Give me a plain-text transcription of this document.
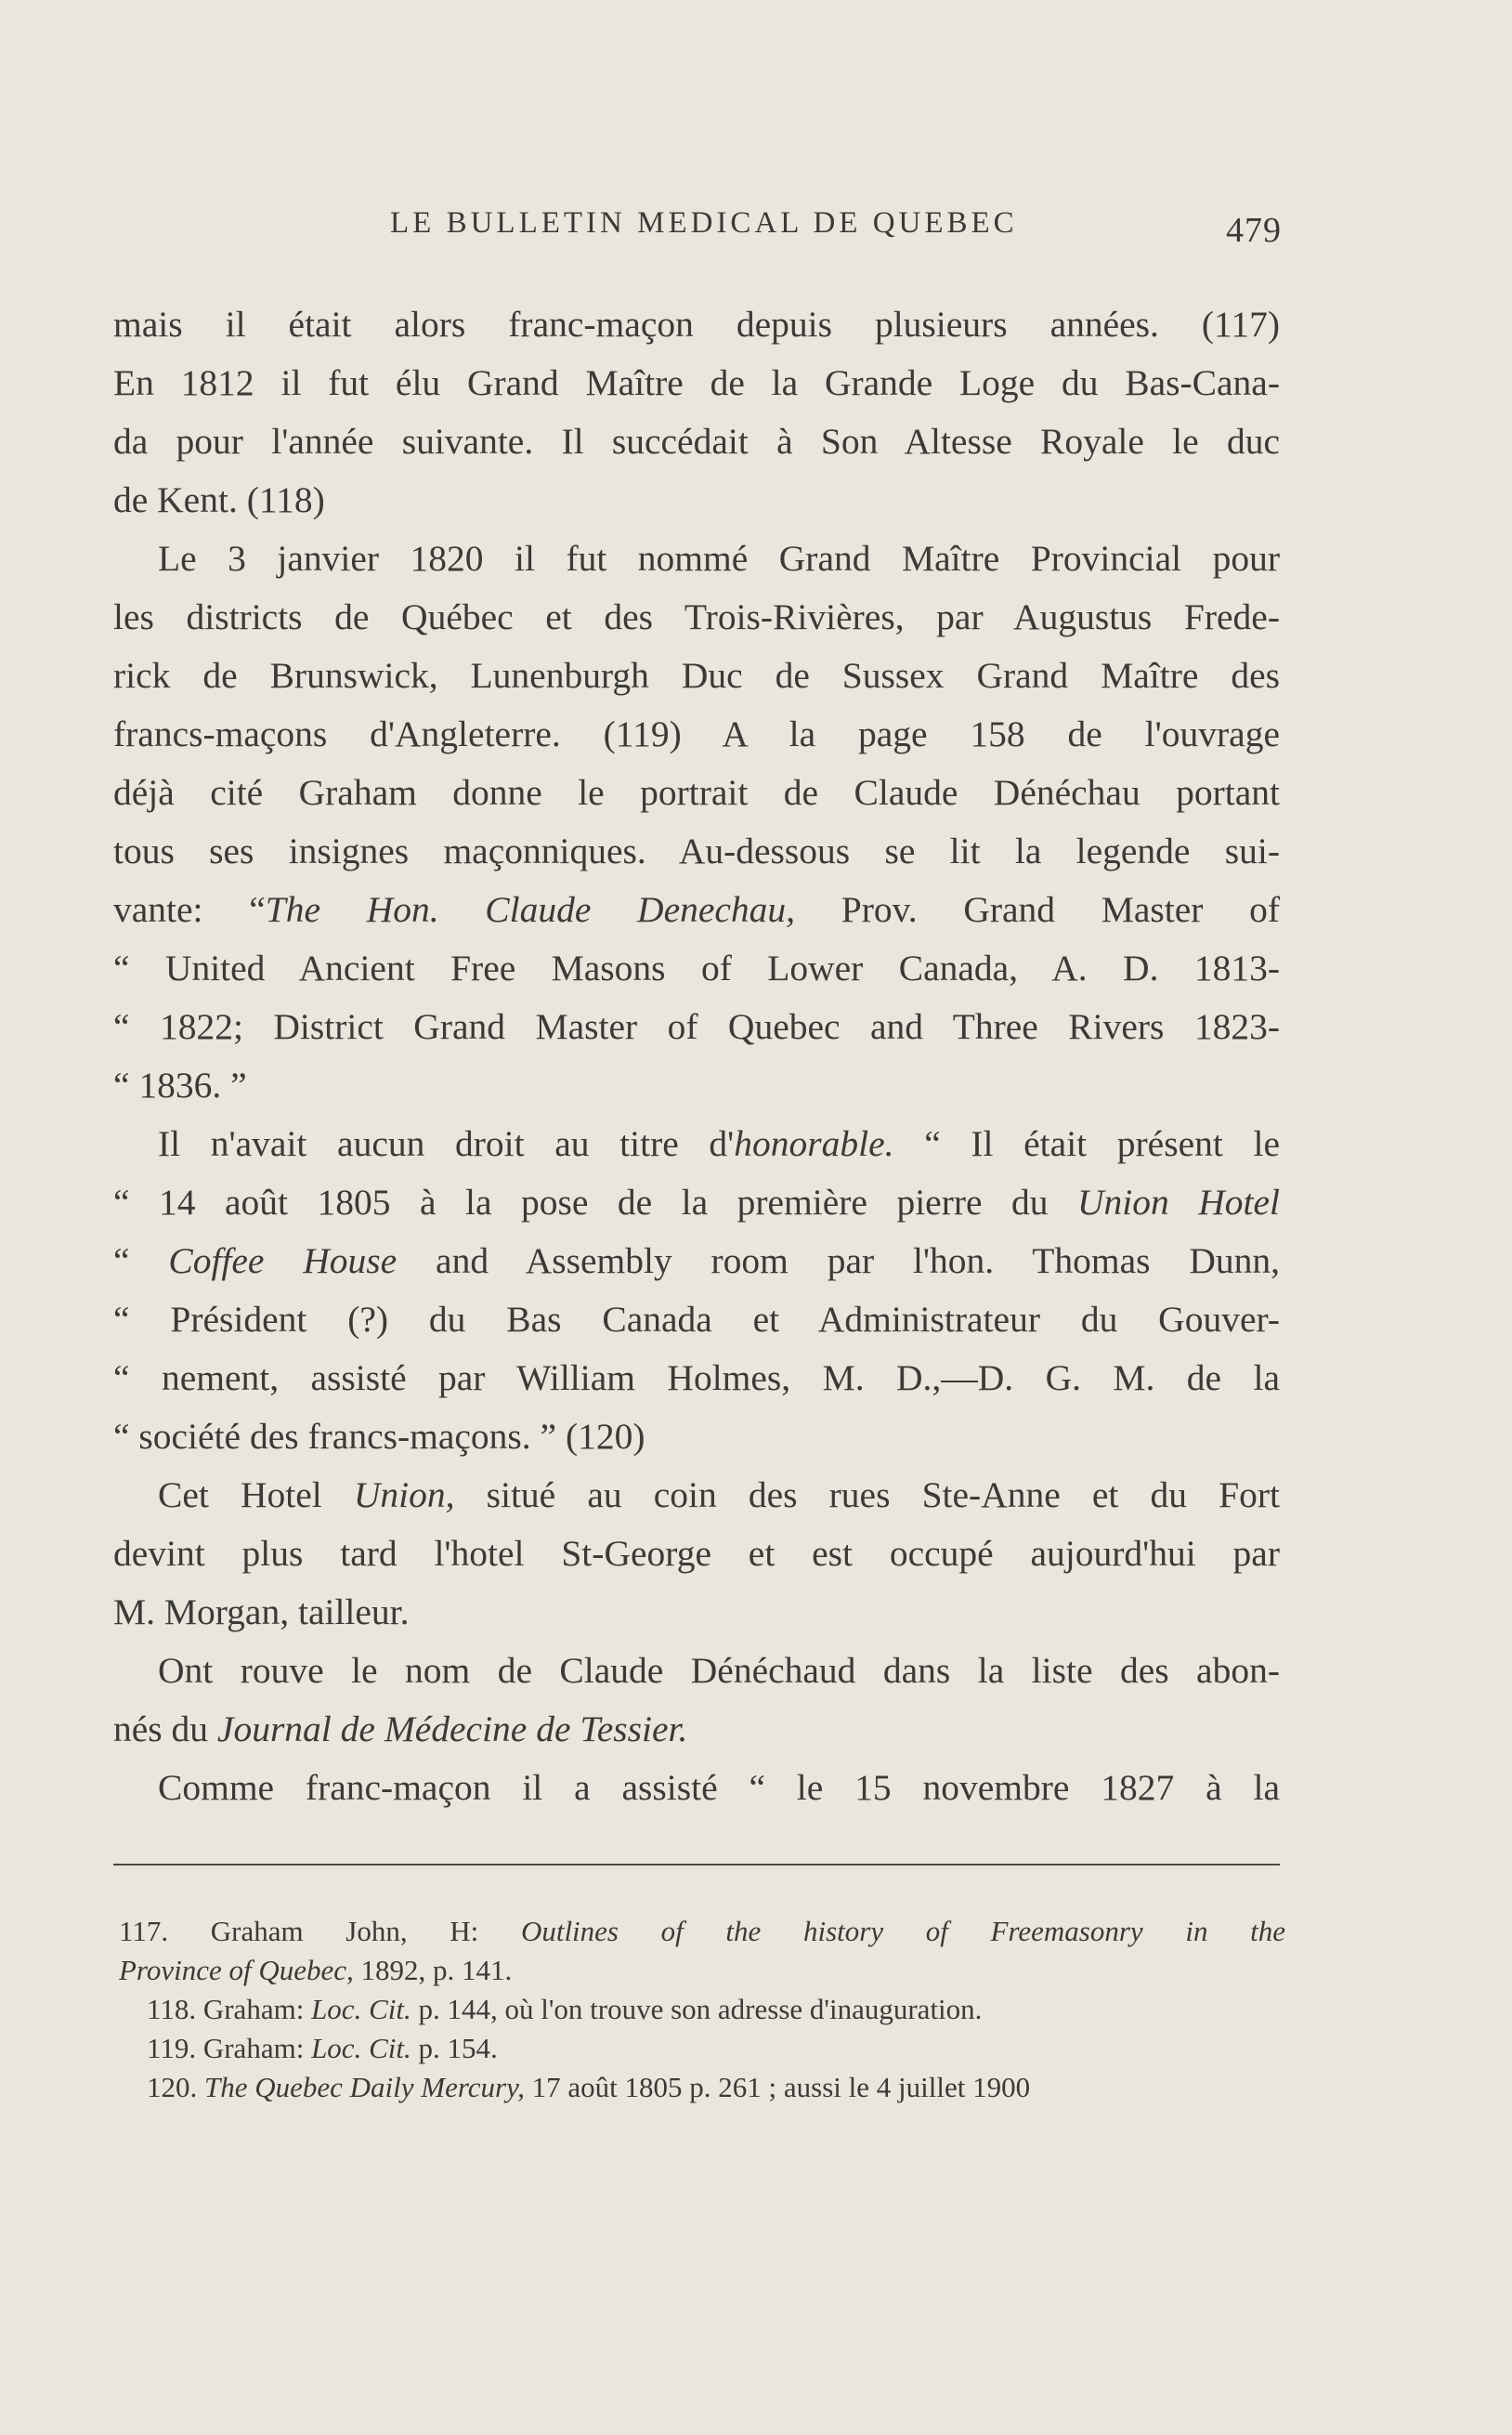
LE BULLETIN MEDICAL DE QUEBEC	479
mais il était alors franc-maçon depuis plusieurs années. (117)
En 1812 il fut élu Grand Maître de la Grande Loge du Bas-Cana-
da pour l'année suivante. Il succédait à Son Altesse Royale le duc
de Kent. (118)
Le 3 janvier 1820 il fut nommé Grand Maître Provincial pour
les districts de Québec et des Trois-Rivières, par Augustus Frede-
rick de Brunswick, Lunenburgh Duc de Sussex Grand Maître des
francs-maçons d'Angleterre. (119) A la page 158 de l'ouvrage
déjà cité Graham donne le portrait de Claude Dénéchau portant
tous ses insignes maçonniques. Au-dessous se lit la legende sui-
vante: “The Hon. Claude Denechau, Prov. Grand Master of
“ United Ancient Free Masons of Lower Canada, A. D. 1813-
“ 1822; District Grand Master of Quebec and Three Rivers 1823-
“ 1836. ”
Il n'avait aucun droit au titre d'honorable. “ Il était présent le
“ 14 août 1805 à la pose de la première pierre du Union Hotel
“ Coffee House and Assembly room par l'hon. Thomas Dunn,
“ Président (?) du Bas Canada et Administrateur du Gouver-
“ nement, assisté par William Holmes, M. D.,—D. G. M. de la
“ société des francs-maçons. ” (120)
Cet Hotel Union, situé au coin des rues Ste-Anne et du Fort
devint plus tard l'hotel St-George et est occupé aujourd'hui par
M. Morgan, tailleur.
Ont rouve le nom de Claude Dénéchaud dans la liste des abon-
nés du Journal de Médecine de Tessier.
Comme franc-maçon il a assisté “ le 15 novembre 1827 à la
117. Graham John, H: Outlines of the history of Freemasonry in the
Province of Quebec, 1892, p. 141.
118. Graham: Loc. Cit. p. 144, où l'on trouve son adresse d'inauguration.
119. Graham: Loc. Cit. p. 154.
120. The Quebec Daily Mercury, 17 août 1805 p. 261 ; aussi le 4 juillet 1900
